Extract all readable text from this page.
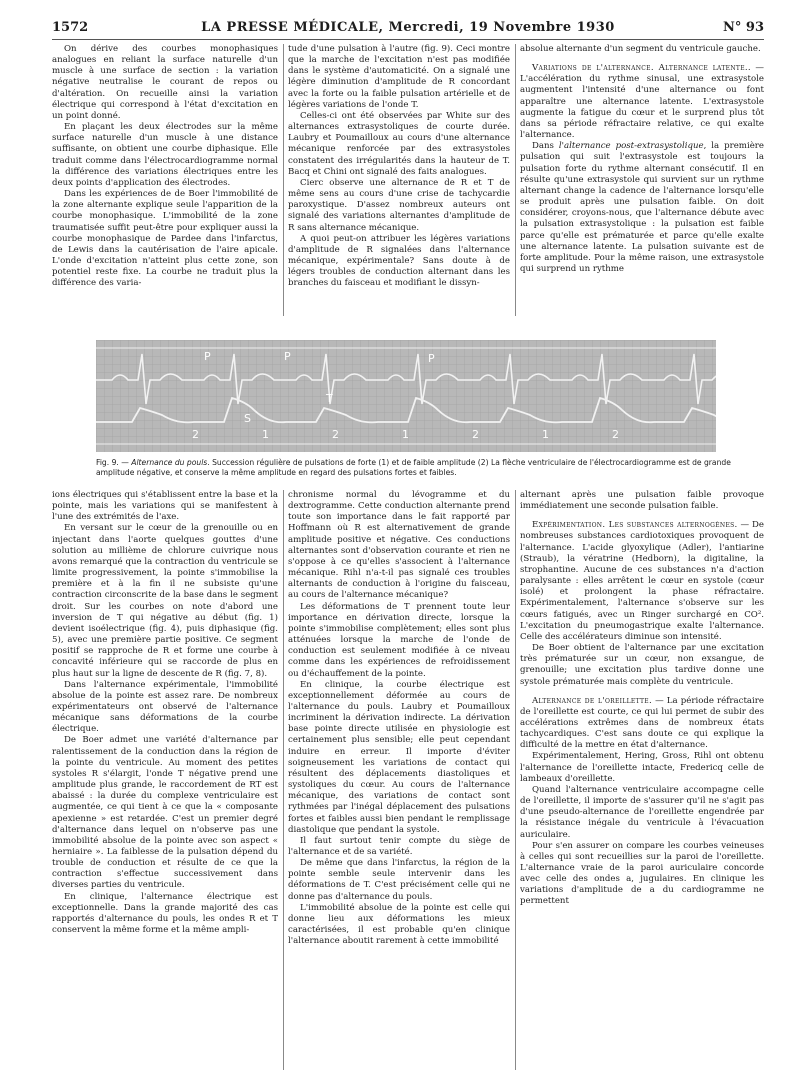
1572	LA PRESSE MÉDICALE, Mercredi, 19 Novembre 1930	N° 93

On dérive des courbes monophasiques analogues en reliant la surface naturelle d'un muscle à une surface de section : la variation négative neutralise le courant de repos ou d'altération. On recueille ainsi la variation électrique qui correspond à l'état d'excitation en un point donné.

En plaçant les deux électrodes sur la même surface naturelle d'un muscle à une distance suffisante, on obtient une courbe diphasique. Elle traduit comme dans l'électrocardiogramme normal la différence des variations électriques entre les deux points d'application des électrodes.

Dans les expériences de de Boer l'immobilité de la zone alternante explique seule l'apparition de la courbe monophasique. L'immobilité de la zone traumatisée suffit peut-être pour expliquer aussi la courbe monophasique de Pardee dans l'infarctus, de Lewis dans la cautérisation de l'aire apicale. L'onde d'excitation n'atteint plus cette zone, son potentiel reste fixe. La courbe ne traduit plus la différence des varia-

tude d'une pulsation à l'autre (fig. 9). Ceci montre que la marche de l'excitation n'est pas modifiée dans le système d'automaticité. On a signalé une légère diminution d'amplitude de R concordant avec la forte ou la faible pulsation artérielle et de légères variations de l'onde T.

Celles-ci ont été observées par White sur des alternances extrasystoliques de courte durée. Laubry et Poumailloux au cours d'une alternance mécanique renforcée par des extrasystoles constatent des irrégularités dans la hauteur de T. Bacq et Chini ont signalé des faits analogues.

Cierc observe une alternance de R et T de même sens au cours d'une crise de tachycardie paroxystique. D'assez nombreux auteurs ont signalé des variations alternantes d'amplitude de R sans alternance mécanique.

A quoi peut-on attribuer les légères variations d'amplitude de R signalées dans l'alternance mécanique, expérimentale? Sans doute à de légers troubles de conduction alternant dans les branches du faisceau et modifiant le dissyn-

absolue alternante d'un segment du ventricule gauche.

Variations de l'alternance. Alternance latente.. — L'accélération du rythme sinusal, une extrasystole augmentent l'intensité d'une alternance ou font apparaître une alternance latente. L'extrasystole augmente la fatigue du cœur et le surprend plus tôt dans sa période réfractaire relative, ce qui exalte l'alternance.

Dans l'alternance post-extrasystolique, la première pulsation qui suit l'extrasystole est toujours la pulsation forte du rythme alternant consécutif. Il en résulte qu'une extrasystole qui survient sur un rythme alternant change la cadence de l'alternance lorsqu'elle se produit après une pulsation faible. On doit considérer, croyons-nous, que l'alternance débute avec la pulsation extrasystolique : la pulsation est faible parce qu'elle est prématurée et parce qu'elle exalte une alternance latente. La pulsation suivante est de forte amplitude. Pour la même raison, une extrasystole qui surprend un rythme

P	P
T
P
S
2	1	2	1	2	1	2
Fig. 9. — Alternance du pouls. Succession régulière de pulsations de forte (1) et de faible amplitude (2) La flèche ventriculaire de l'électrocardiogramme est de grande amplitude négative, et conserve la même amplitude en regard des pulsations fortes et faibles.

ions électriques qui s'établissent entre la base et la pointe, mais les variations qui se manifestent à l'une des extrémités de l'axe.

En versant sur le cœur de la grenouille ou en injectant dans l'aorte quelques gouttes d'une solution au millième de chlorure cuivrique nous avons remarqué que la contraction du ventricule se limite progressivement, la pointe s'immobilise la première et à la fin il ne subsiste qu'une contraction circonscrite de la base dans le segment droit. Sur les courbes on note d'abord une inversion de T qui négative au début (fig. 1) devient isoélectrique (fig. 4), puis diphasique (fig. 5), avec une première partie positive. Ce segment positif se rapproche de R et forme une courbe à concavité inférieure qui se raccorde de plus en plus haut sur la ligne de descente de R (fig. 7, 8).

Dans l'alternance expérimentale, l'immobilité absolue de la pointe est assez rare. De nombreux expérimentateurs ont observé de l'alternance mécanique sans déformations de la courbe électrique.

De Boer admet une variété d'alternance par ralentissement de la conduction dans la région de la pointe du ventricule. Au moment des petites systoles R s'élargit, l'onde T négative prend une amplitude plus grande, le raccordement de RT est abaissé : la durée du complexe ventriculaire est augmentée, ce qui tient à ce que la « composante apexienne » est retardée. C'est un premier degré d'alternance dans lequel on n'observe pas une immobilité absolue de la pointe avec son aspect « herniaire ». La faiblesse de la pulsation dépend du trouble de conduction et résulte de ce que la contraction s'effectue successivement dans diverses parties du ventricule.

En clinique, l'alternance électrique est exceptionnelle. Dans la grande majorité des cas rapportés d'alternance du pouls, les ondes R et T conservent la même forme et la même ampli-

chronisme normal du lévogramme et du dextrogramme. Cette conduction alternante prend toute son importance dans le fait rapporté par Hoffmann où R est alternativement de grande amplitude positive et négative. Ces conductions alternantes sont d'observation courante et rien ne s'oppose à ce qu'elles s'associent à l'alternance mécanique. Rihl n'a-t-il pas signalé ces troubles alternants de conduction à l'origine du faisceau, au cours de l'alternance mécanique?

Les déformations de T prennent toute leur importance en dérivation directe, lorsque la pointe s'immobilise complètement; elles sont plus atténuées lorsque la marche de l'onde de conduction est seulement modifiée à ce niveau comme dans les expériences de refroidissement ou d'échauffement de la pointe.

En clinique, la courbe électrique est exceptionnellement déformée au cours de l'alternance du pouls. Laubry et Poumailloux incriminent la dérivation indirecte. La dérivation base pointe directe utilisée en physiologie est certainement plus sensible; elle peut cependant induire en erreur. Il importe d'éviter soigneusement les variations de contact qui résultent des déplacements diastoliques et systoliques du cœur. Au cours de l'alternance mécanique, des variations de contact sont rythmées par l'inégal déplacement des pulsations fortes et faibles aussi bien pendant le remplissage diastolique que pendant la systole.

Il faut surtout tenir compte du siège de l'alternance et de sa variété.

De même que dans l'infarctus, la région de la pointe semble seule intervenir dans les déformations de T. C'est précisément celle qui ne donne pas d'alternance du pouls.

L'immobilité absolue de la pointe est celle qui donne lieu aux déformations les mieux caractérisées, il est probable qu'en clinique l'alternance aboutit rarement à cette immobilité

alternant après une pulsation faible provoque immédiatement une seconde pulsation faible.

Expérimentation. Les substances alternogènes. — De nombreuses substances cardiotoxiques provoquent de l'alternance. L'acide glyoxylique (Adler), l'antiarine (Straub), la vératrine (Hedborn), la digitaline, la strophantine. Aucune de ces substances n'a d'action paralysante : elles arrêtent le cœur en systole (cœur isolé) et prolongent la phase réfractaire. Expérimentalement, l'alternance s'observe sur les cœurs fatigués, avec un Ringer surchargé en CO². L'excitation du pneumogastrique exalte l'alternance. Celle des accélérateurs diminue son intensité.

De Boer obtient de l'alternance par une excitation très prématurée sur un cœur, non exsangue, de grenouille; une excitation plus tardive donne une systole prématurée mais complète du ventricule.

Alternance de l'oreillette. — La période réfractaire de l'oreillette est courte, ce qui lui permet de subir des accélérations extrêmes dans de nombreux états tachycardiques. C'est sans doute ce qui explique la difficulté de la mettre en état d'alternance.

Expérimentalement, Hering, Gross, Rihl ont obtenu l'alternance de l'oreillette intacte, Fredericq celle de lambeaux d'oreillette.

Quand l'alternance ventriculaire accompagne celle de l'oreillette, il importe de s'assurer qu'il ne s'agit pas d'une pseudo-alternance de l'oreillette engendrée par la résistance inégale du ventricule à l'évacuation auriculaire.

Pour s'en assurer on compare les courbes veineuses à celles qui sont recueillies sur la paroi de l'oreillette. L'alternance vraie de la paroi auriculaire concorde avec celle des ondes a, jugulaires. En clinique les variations d'amplitude de a du cardiogramme ne permettent
